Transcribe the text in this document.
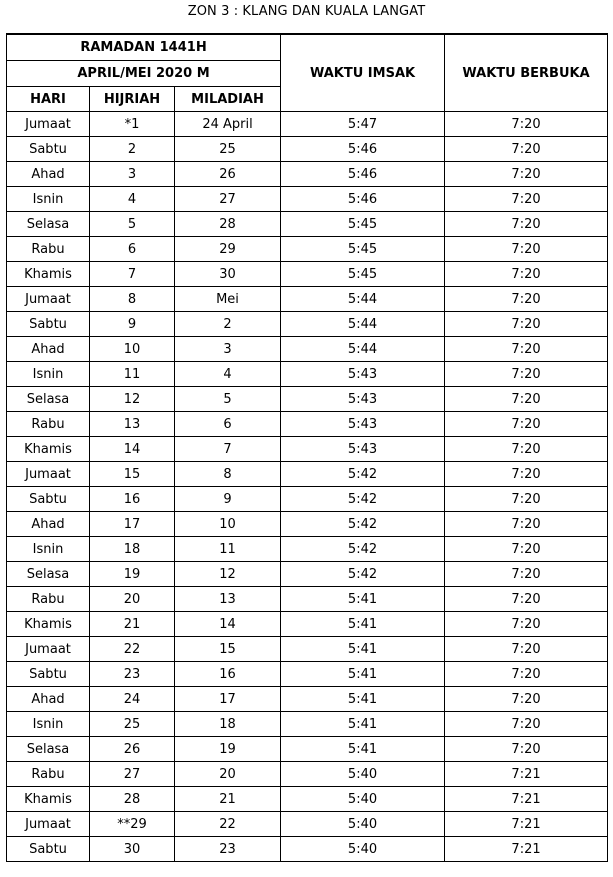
ZON 3 : KLANG DAN KUALA LANGAT
RAMADAN 1441H			WAKTU IMSAK	WAKTU BERBUKA
APRIL/MEI 2020 M				
HARI	HIJRIAH	MILADIAH		
Jumaat	*1	24 April	5:47	7:20
Sabtu	2	25	5:46	7:20
Ahad	3	26	5:46	7:20
Isnin	4	27	5:46	7:20
Selasa	5	28	5:45	7:20
Rabu	6	29	5:45	7:20
Khamis	7	30	5:45	7:20
Jumaat	8	Mei	5:44	7:20
Sabtu	9	2	5:44	7:20
Ahad	10	3	5:44	7:20
Isnin	11	4	5:43	7:20
Selasa	12	5	5:43	7:20
Rabu	13	6	5:43	7:20
Khamis	14	7	5:43	7:20
Jumaat	15	8	5:42	7:20
Sabtu	16	9	5:42	7:20
Ahad	17	10	5:42	7:20
Isnin	18	11	5:42	7:20
Selasa	19	12	5:42	7:20
Rabu	20	13	5:41	7:20
Khamis	21	14	5:41	7:20
Jumaat	22	15	5:41	7:20
Sabtu	23	16	5:41	7:20
Ahad	24	17	5:41	7:20
Isnin	25	18	5:41	7:20
Selasa	26	19	5:41	7:20
Rabu	27	20	5:40	7:21
Khamis	28	21	5:40	7:21
Jumaat	**29	22	5:40	7:21
Sabtu	30	23	5:40	7:21
